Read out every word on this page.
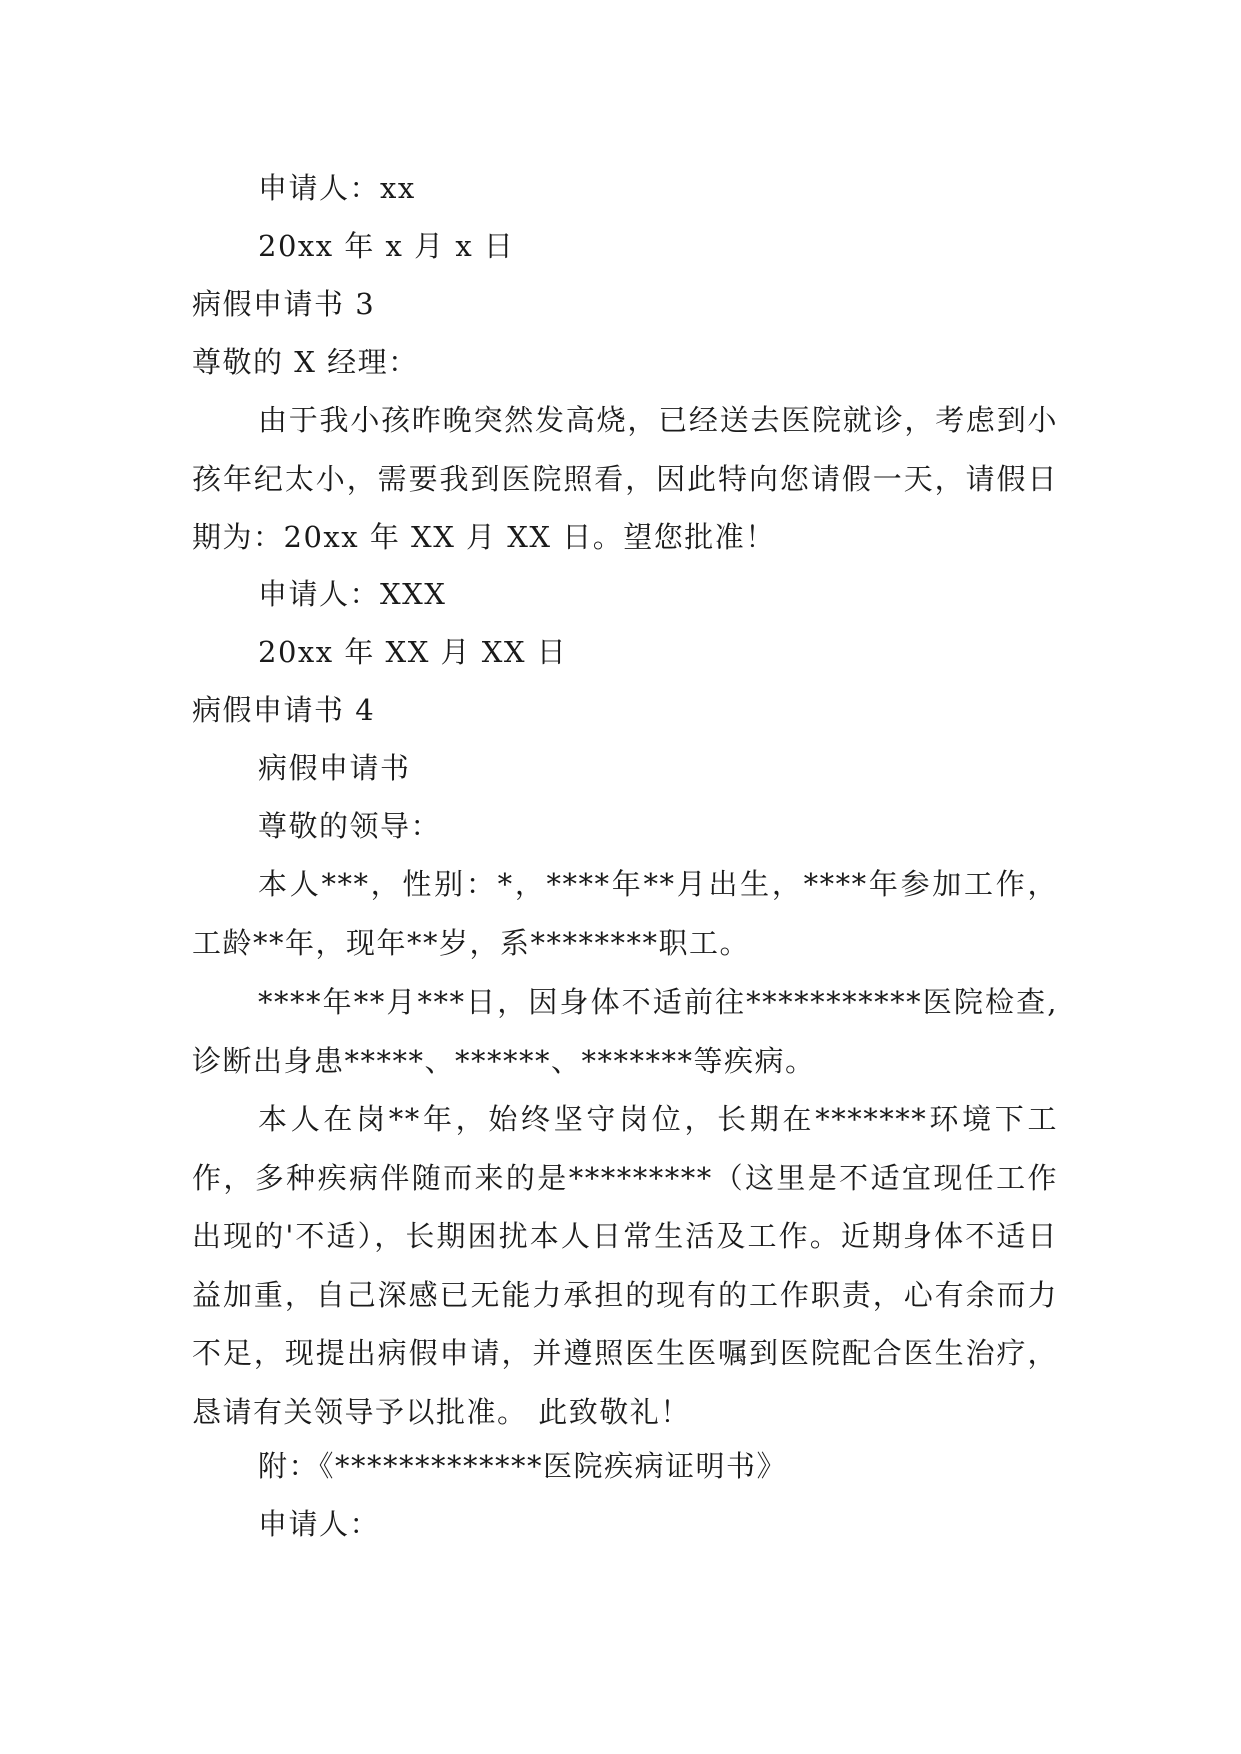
申请人：xx
20xx 年 x 月 x 日
病假申请书 3
尊敬的 X 经理：
由于我小孩昨晚突然发高烧，已经送去医院就诊，考虑到小孩年纪太小，需要我到医院照看，因此特向您请假一天，请假日期为：20xx 年 XX 月 XX 日。望您批准！
申请人：XXX
20xx 年 XX 月 XX 日
病假申请书 4
病假申请书
尊敬的领导：
本人***，性别：*，****年**月出生，****年参加工作，工龄**年，现年**岁，系********职工。
****年**月***日，因身体不适前往***********医院检查,诊断出身患*****、******、*******等疾病。
本人在岗**年，始终坚守岗位，长期在*******环境下工作，多种疾病伴随而来的是*********（这里是不适宜现任工作出现的'不适），长期困扰本人日常生活及工作。近期身体不适日益加重，自己深感已无能力承担的现有的工作职责，心有余而力不足，现提出病假申请，并遵照医生医嘱到医院配合医生治疗，恳请有关领导予以批准。 此致敬礼！
附：《*************医院疾病证明书》
申请人：
